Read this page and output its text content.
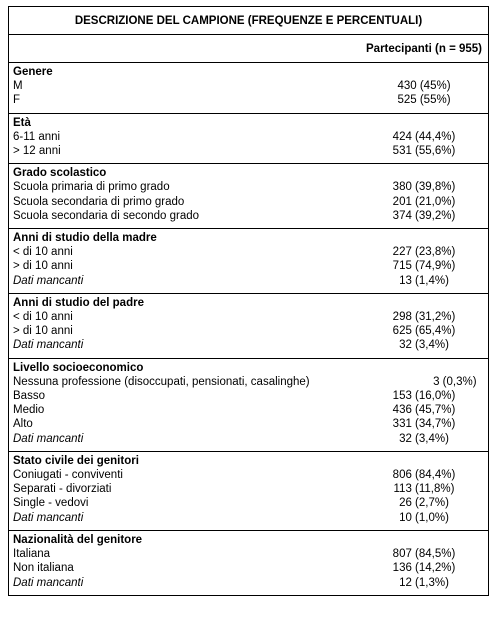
DESCRIZIONE DEL CAMPIONE (FREQUENZE E PERCENTUALI)
Partecipanti (n = 955)
Genere
M	430 (45%)
F	525 (55%)
Età
6-11 anni	424 (44,4%)
> 12 anni	531 (55,6%)
Grado scolastico
Scuola primaria di primo grado	380 (39,8%)
Scuola secondaria di primo grado	201 (21,0%)
Scuola secondaria di secondo grado	374 (39,2%)
Anni di studio della madre
< di 10 anni	227 (23,8%)
> di 10 anni	715 (74,9%)
Dati mancanti	13 (1,4%)
Anni di studio del padre
< di 10 anni	298 (31,2%)
> di 10 anni	625 (65,4%)
Dati mancanti	32 (3,4%)
Livello socioeconomico
Nessuna professione (disoccupati, pensionati, casalinghe)	3 (0,3%)
Basso	153 (16,0%)
Medio	436 (45,7%)
Alto	331 (34,7%)
Dati mancanti	32 (3,4%)
Stato civile dei genitori
Coniugati - conviventi	806 (84,4%)
Separati - divorziati	113 (11,8%)
Single - vedovi	26 (2,7%)
Dati mancanti	10 (1,0%)
Nazionalità del genitore
Italiana	807 (84,5%)
Non italiana	136 (14,2%)
Dati mancanti	12 (1,3%)
